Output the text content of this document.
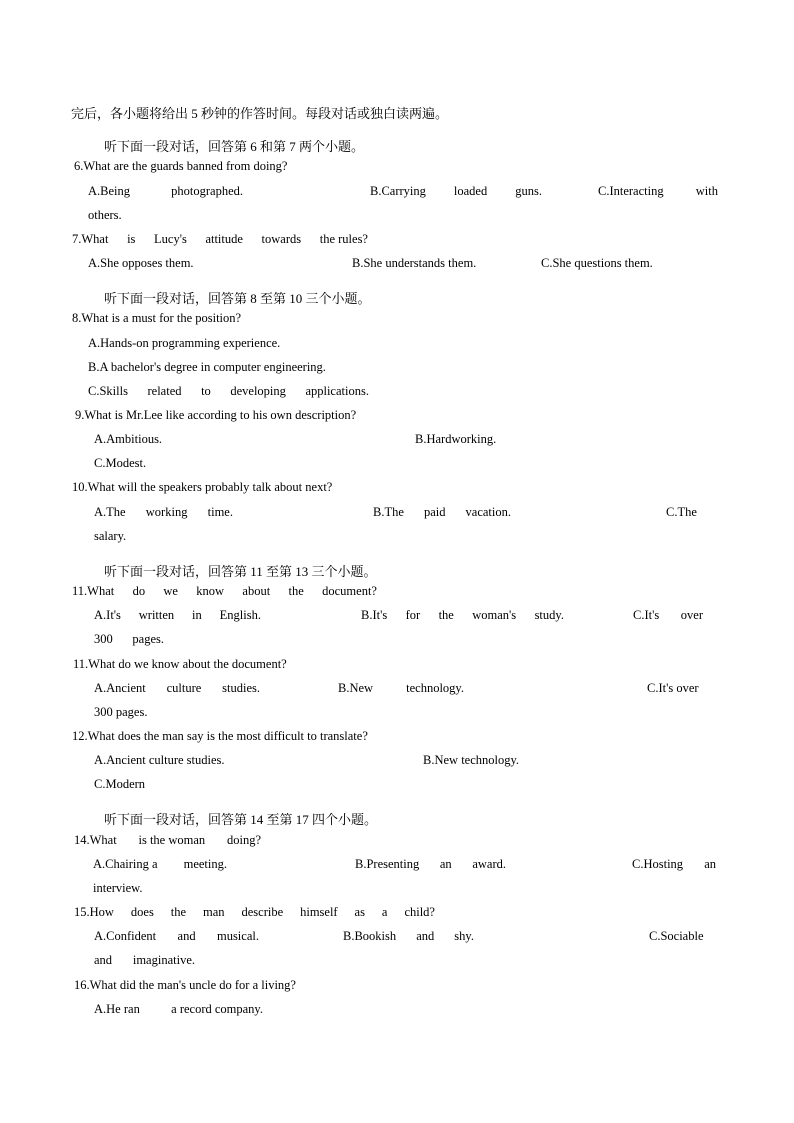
完后，各小题将给出 5 秒钟的作答时间。每段对话或独白读两遍。
听下面一段对话，回答第 6 和第 7 两个小题。
6.What are the guards banned from doing?
A.Being	photographed.	B.Carrying loaded guns.	C.Interacting	with
others.
7.What is Lucy's attitude towards the rules?
A.She opposes them.	B.She understands them.	C.She questions them.
听下面一段对话，回答第 8 至第 10 三个小题。
8.What is a must for the position?
A.Hands-on programming experience.
B.A bachelor's degree in computer engineering.
C.Skills related to developing applications.
9.What is Mr.Lee like according to his own description?
A.Ambitious.	B.Hardworking.
C.Modest.
10.What will the speakers probably talk about next?
A.The working time.	B.The paid vacation.	C.The
salary.
听下面一段对话，回答第 11 至第 13 三个小题。
11.What do we know about the document?
A.It's written in English.	B.It's for the woman's study.	C.It's over
300 pages.
11.What do we know about the document?
A.Ancient culture studies.	B.New	technology.	C.It's over
300 pages.
12.What does the man say is the most difficult to translate?
A.Ancient culture studies.	B.New technology.
C.Modern
听下面一段对话，回答第 14 至第 17 四个小题。
14.What is the woman doing?
A.Chairing a meeting.	B.Presenting an award.	C.Hosting an
interview.
15.How does the man describe himself as a child?
A.Confident and musical.	B.Bookish and shy.	C.Sociable
and imaginative.
16.What did the man's uncle do for a living?
A.He ran	a record company.
